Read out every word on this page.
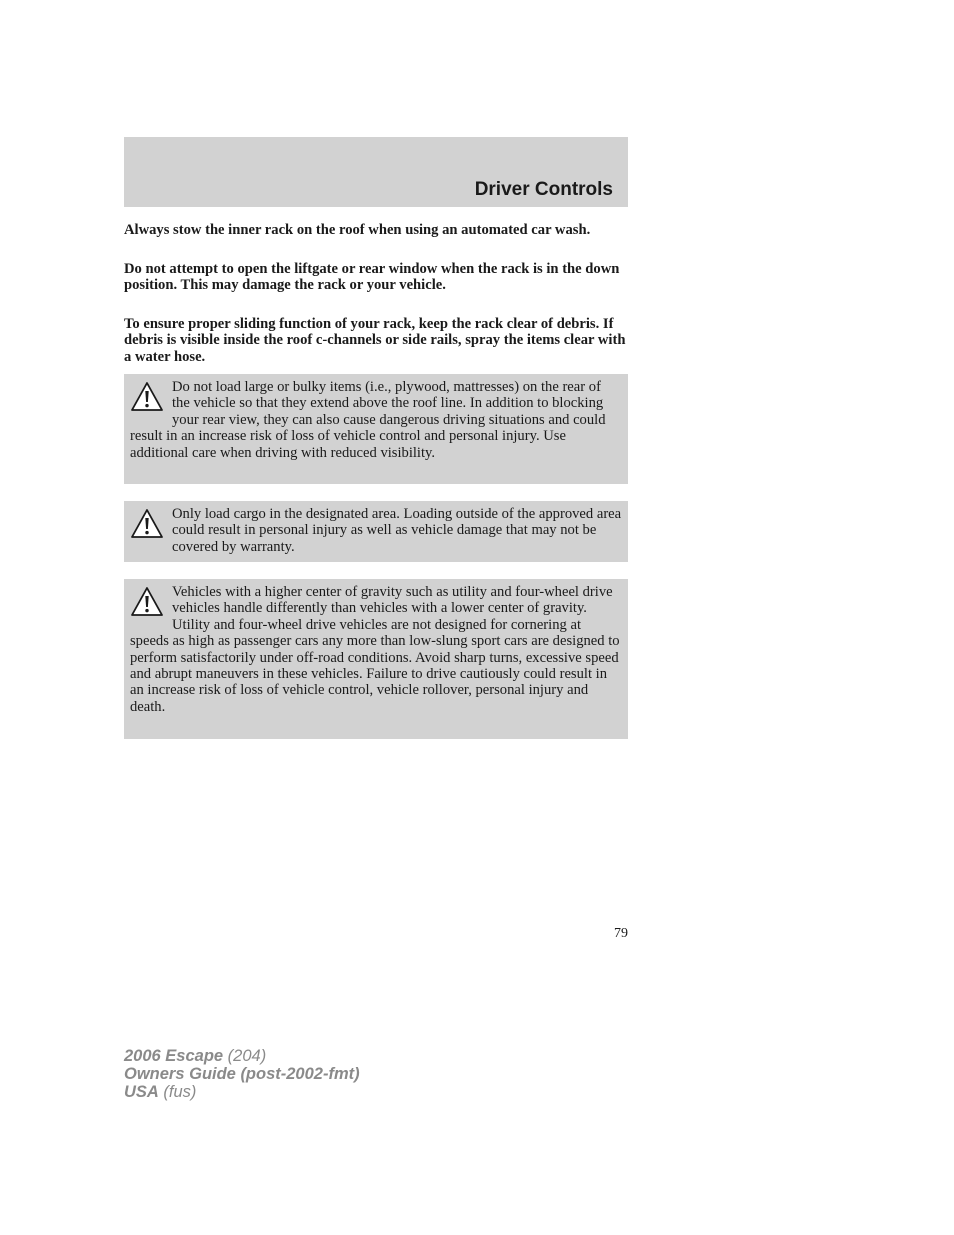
Driver Controls

Always stow the inner rack on the roof when using an automated car wash.

Do not attempt to open the liftgate or rear window when the rack is in the down position. This may damage the rack or your vehicle.

To ensure proper sliding function of your rack, keep the rack clear of debris. If debris is visible inside the roof c-channels or side rails, spray the items clear with a water hose.

Do not load large or bulky items (i.e., plywood, mattresses) on the rear of the vehicle so that they extend above the roof line. In addition to blocking your rear view, they can also cause dangerous driving situations and could result in an increase risk of loss of vehicle control and personal injury. Use additional care when driving with reduced visibility.

Only load cargo in the designated area. Loading outside of the approved area could result in personal injury as well as vehicle damage that may not be covered by warranty.

Vehicles with a higher center of gravity such as utility and four-wheel drive vehicles handle differently than vehicles with a lower center of gravity. Utility and four-wheel drive vehicles are not designed for cornering at speeds as high as passenger cars any more than low-slung sport cars are designed to perform satisfactorily under off-road conditions. Avoid sharp turns, excessive speed and abrupt maneuvers in these vehicles. Failure to drive cautiously could result in an increase risk of loss of vehicle control, vehicle rollover, personal injury and death.

79
2006 Escape (204)
Owners Guide (post-2002-fmt)
USA (fus)
